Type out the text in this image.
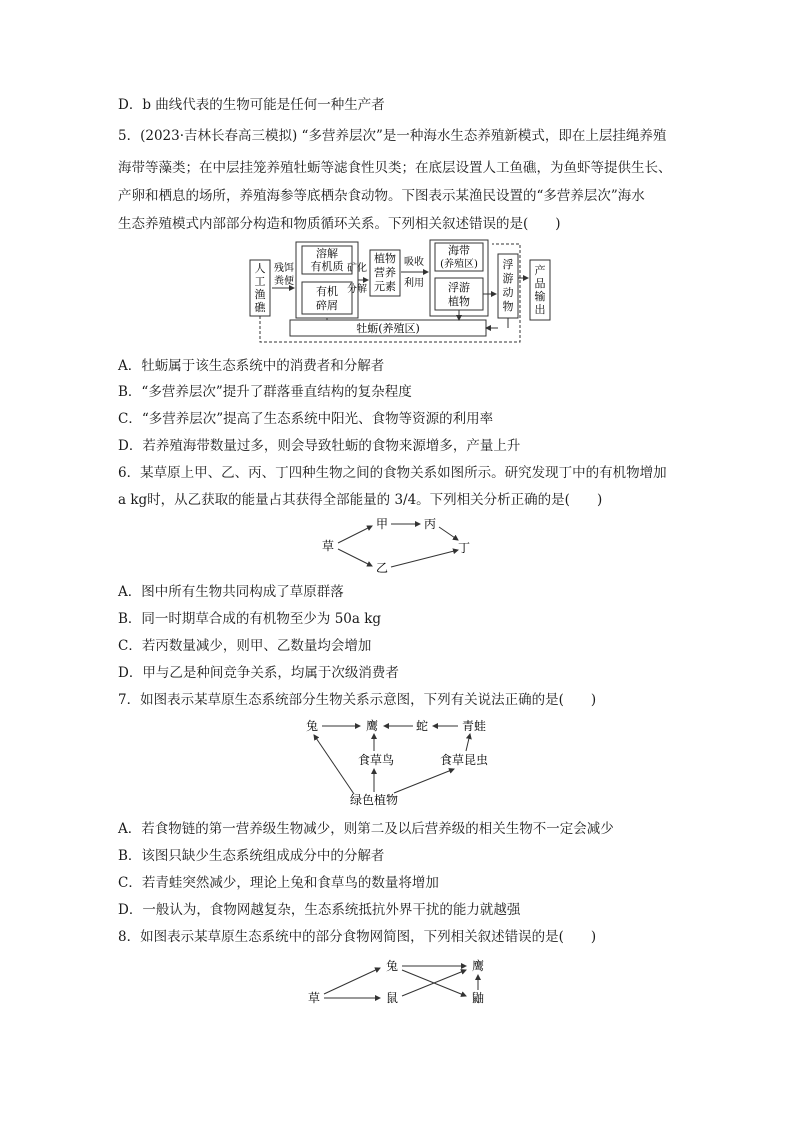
D．b 曲线代表的生物可能是任何一种生产者
5．(2023·吉林长春高三模拟) “多营养层次”是一种海水生态养殖新模式，即在上层挂绳养殖
海带等藻类；在中层挂笼养殖牡蛎等滤食性贝类；在底层设置人工鱼礁，为鱼虾等提供生长、
产卵和栖息的场所，养殖海参等底栖杂食动物。下图表示某渔民设置的“多营养层次”海水
生态养殖模式内部部分构造和物质循环关系。下列相关叙述错误的是(　　)
人
工
渔
礁
残饵
粪便
溶解
有机质
有机
碎屑
矿化
分解
植物
营养
元素
吸收
利用
海带
(养殖区)
浮游
植物
浮
游
动
物
产
品
输
出
牡蛎(养殖区)
A．牡蛎属于该生态系统中的消费者和分解者
B．“多营养层次”提升了群落垂直结构的复杂程度
C．“多营养层次”提高了生态系统中阳光、食物等资源的利用率
D．若养殖海带数量过多，则会导致牡蛎的食物来源增多，产量上升
6．某草原上甲、乙、丙、丁四种生物之间的食物关系如图所示。研究发现丁中的有机物增加
a kg时，从乙获取的能量占其获得全部能量的 3/4。下列相关分析正确的是(　　)
草
甲	丙
乙
丁
A．图中所有生物共同构成了草原群落
B．同一时期草合成的有机物至少为 50a kg
C．若丙数量减少，则甲、乙数量均会增加
D．甲与乙是种间竞争关系，均属于次级消费者
7．如图表示某草原生态系统部分生物关系示意图，下列有关说法正确的是(　　)
兔	鹰	蛇	青蛙
食草鸟	食草昆虫
绿色植物
A．若食物链的第一营养级生物减少，则第二及以后营养级的相关生物不一定会减少
B．该图只缺少生态系统组成成分中的分解者
C．若青蛙突然减少，理论上兔和食草鸟的数量将增加
D．一般认为，食物网越复杂，生态系统抵抗外界干扰的能力就越强
8．如图表示某草原生态系统中的部分食物网简图，下列相关叙述错误的是(　　)
草
兔
鼠
鹰
鼬
